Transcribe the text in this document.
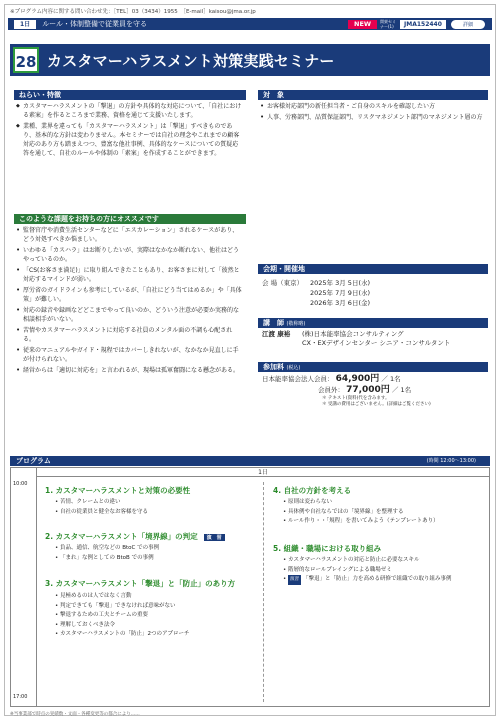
※プログラム内容に関する問い合わせ先：［TEL］03（3434）1955　［E-mail］kaisou@jma.or.jp
1日	ルール・体制整備で従業員を守る	NEW	関東セミナー(1)	JMA152440	詳細
28 カスタマーハラスメント対策実践セミナー
ねらい・特徴
◆ カスタマーハラスメントの「撃退」の方針や具体的な対応について、「自社における素案」を作るところまで業務、資格を通じて支援いたします。
◆ 業種、業界を違っても「カスタマーハラスメント」は「撃退」すべきものであり、基本的な方針は変わりません。本セミナーでは自社の理念やこれまでの顧客対応のあり方も踏まえつつ、豊富な他社事例、具体的なケースについての質疑応答を通して、自社のルールや体制の「素案」を作成することができます。
このような課題をお持ちの方にオススメです
• 監督官庁や消費生活センターなどに「エスカレーション」されるケースがあり、どう対処すべきか悩ましい。
• いわゆる「カスハラ」はお断りしたいが、実際はなかなか断れない、他社はどうやっているのか。
• 「CS(お客さま満足)」に取り組んできたこともあり、お客さまに対して「彼然と対応するマインドが弱い。
• 厚労省のガイドラインも参考にしているが、「自社にどう当てはめるか」や「具体策」が難しい。
• 対応の録音や録画などどこまでやって良いのか、どういう注意が必要か実務的な相談相手がいない。
• 苦情やカスタマーハラスメントに対応する社員のメンタル面の不調も心配される。
• 従来のマニュアルやガイド・規程ではカバーしきれないが、なかなか見直しに手が付けられない。
• 経営からは「適切に対応を」と言われるが、現場は孤軍奮闘になる懸念がある。
対　象
• お客様対応部門の新任担当者・ご自身のスキルを確認したい方
• 人事、労務部門、品質保証部門、リスクマネジメント部門のマネジメント層の方
会期・開催地
会 場（東京）	2025年 3月 5日(水)
2025年 7月 9日(水)
2026年 3月 6日(金)
講　師 (敬称略)
江渡 康裕	(株)日本能率協会コンサルティング
CX・EXデザインセンター シニア・コンサルタント
参加料 (税込)
日本能率協会法人会員： 64,900円 ／ 1名
会員外： 77,000円 ／ 1名
＊ テキスト(資料)代を含みます。
＊ 受講の費用はございません。(詳細はご覧ください)
プログラム	(時間 12:00～13:00)
10:00
17:00
1日
1. カスタマーハラスメントと対策の必要性
• 苦情、クレームとの違い
• 自社の従業員と健全なお客様を守る
2. カスタマーハラスメント「境界線」の判定 演　習
• 負品、通信、航空などの BtoC での事例
• 「まれ」な例としての BtoB での事例
3. カスタマーハラスメント「撃退」と「防止」のあり方
• 見極めるのは人ではなく言動
• 判定できても「撃退」できなければ意味がない
• 撃退するための工夫とチームの重要
• 理解しておくべき法令
• カスタマーハラスメントの「防止」2つのアプローチ
4. 自社の方針を考える
• 原則は変わらない
• 具体例や自社ならではの「境界線」を整理する
• ルール作り・・「規程」を書いてみよう（テンプレートあり）
5. 組織・職場における取り組み
• カスタマーハラスメントの対応と防止に必要なスキル
• 階層的なロールプレイングによる職場ゼミ
• 演習 「撃退」と「防止」力を高める研修で組織での取り組み事例
※当事業部で時点の実績数・文面・各種変更等の都合により……
